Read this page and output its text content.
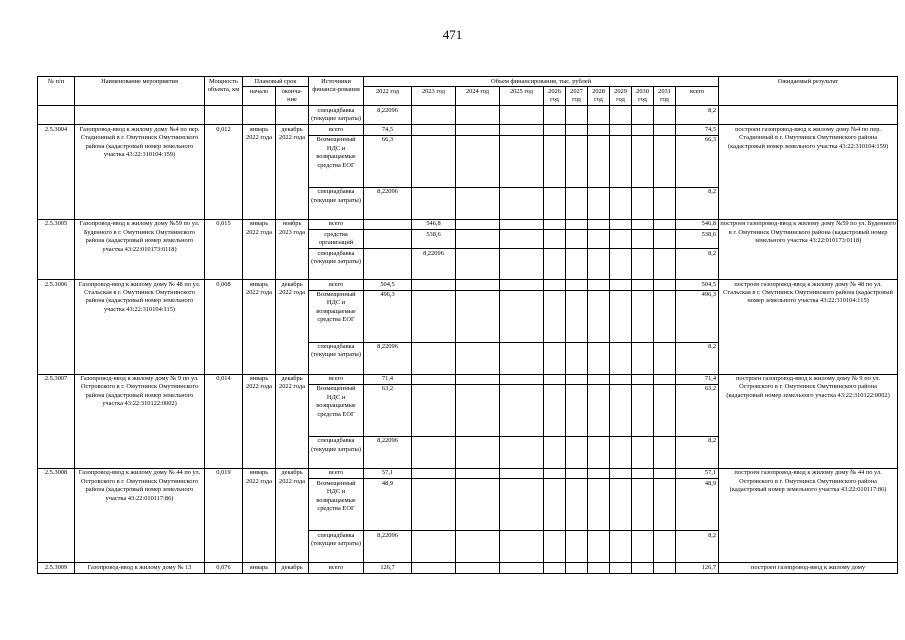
471
№ п/п	Наименование мероприятия	Мощность объекта, км	Плановый срок		Источники финанси-рования	Объем финансирования, тыс. рублей											Ожидаемый результат
			начало	оконча-ние		2022 год	2023 год	2024 год	2025 год	2026 год	2027 год	2028 год	2029 год	2030 год	2031 год	всего	
					спецнадбавка (текущие затраты)	8,22096										8,2	
2.5.3004	Газопровод-ввод к жилому дому №4 по пер. Стадионный в г. Омутнинск Омутнинского района (кадастровый номер земельного участка 43:22:310104:159)	0,012	январь 2022 года	декабрь 2022 года	всего	74,5										74,5	построен газопровод-ввод к жилому дому №4 по пер. Стадионный в г. Омутнинск Омутнинского района (кадастровый номер земельного участка 43:22:310104:159)
					Возмещенный НДС и возвращаемые средства ЕОГ	66,3										66,3	
					спецнадбавка (текущие затраты)	8,22096										8,2	
2.5.3005	Газопровод-ввод к жилому дому №59 по ул. Буденного в г. Омутнинск Омутнинского района (кадастровый номер земельного участка 43:22:010173:0118)	0,015	январь 2022 года	ноябрь 2023 года	всего		546,8									546,8	построен газопровод-ввод к жилому дому №59 по ул. Буденного в г. Омутнинск Омутнинского района (кадастровый номер земельного участка 43:22:010173:0118)
					средства организаций		538,6									538,6	
					спецнадбавка (текущие затраты)		8,22096									8,2	
2.5.3006	Газопровод-ввод к жилому дому № 48 по ул. Стальская в г. Омутнинск Омутнинского района (кадастровый номер земельного участка 43:22:310104:115)	0,008	январь 2022 года	декабрь 2022 года	всего	504,5										504,5	построен газопровод-ввод к жилому дому № 48 по ул. Стальская в г. Омутнинск Омутнинского района (кадастровый номер земельного участка 43:22:310104:115)
					Возмещенный НДС и возвращаемые средства ЕОГ	496,3										496,3	
					спецнадбавка (текущие затраты)	8,22096										8,2	
2.5.3007	Газопровод-ввод к жилому дому № 9 по ул. Островского в г. Омутнинск Омутнинского района (кадастровый номер земельного участка 43:22:310122:0002)	0,014	январь 2022 года	декабрь 2022 года	всего	71,4										71,4	построен газопровод-ввод к жилому дому № 9 по ул. Островского в г. Омутнинск Омутнинского района (кадастровый номер земельного участка 43:22:310122:0002)
					Возмещенный НДС и возвращаемые средства ЕОГ	63,2										63,2	
					спецнадбавка (текущие затраты)	8,22096										8,2	
2.5.3008	Газопровод-ввод к жилому дому № 44 по ул. Островского в г. Омутнинск Омутнинского района (кадастровый номер земельного участка 43:22:010117:86)	0,019	январь 2022 года	декабрь 2022 года	всего	57,1										57,1	построен газопровод-ввод к жилому дому № 44 по ул. Островского в г. Омутнинск Омутнинского района (кадастровый номер земельного участка 43:22:010117:86)
					Возмещенный НДС и возвращаемые средства ЕОГ	48,9										48,9	
					спецнадбавка (текущие затраты)	8,22096										8,2	
2.5.3009	Газопровод-ввод к жилому дому № 13	0,076	январь	декабрь	всего	126,7										126,7	построен газопровод-ввод к жилому дому
